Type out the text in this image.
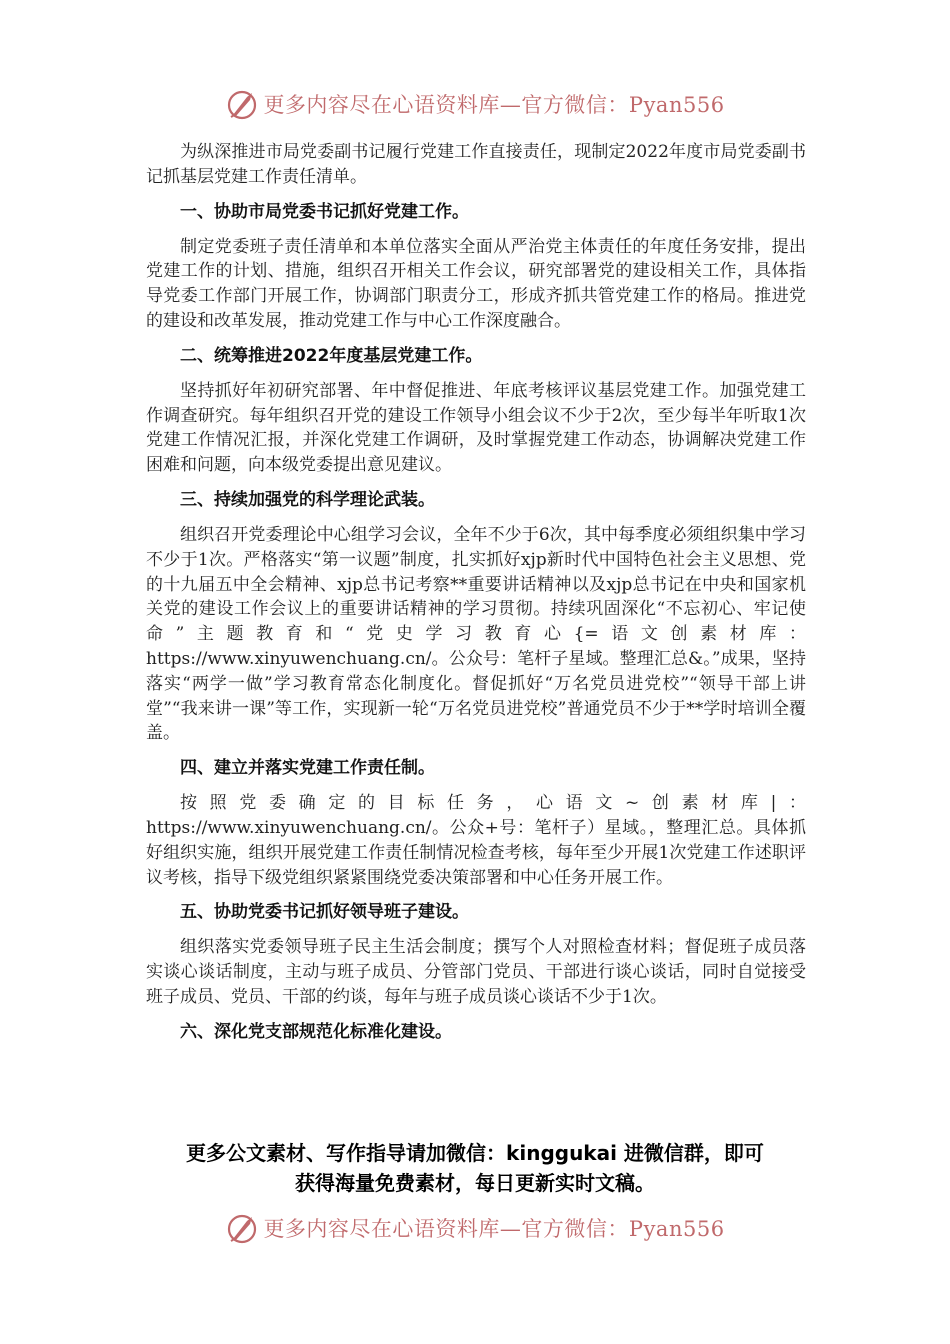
更多内容尽在心语资料库—官方微信：Pyan556

为纵深推进市局党委副书记履行党建工作直接责任，现制定2022年度市局党委副书记抓基层党建工作责任清单。

一、协助市局党委书记抓好党建工作。

制定党委班子责任清单和本单位落实全面从严治党主体责任的年度任务安排，提出党建工作的计划、措施，组织召开相关工作会议，研究部署党的建设相关工作，具体指导党委工作部门开展工作，协调部门职责分工，形成齐抓共管党建工作的格局。推进党的建设和改革发展，推动党建工作与中心工作深度融合。

二、统筹推进2022年度基层党建工作。

坚持抓好年初研究部署、年中督促推进、年底考核评议基层党建工作。加强党建工作调查研究。每年组织召开党的建设工作领导小组会议不少于2次，至少每半年听取1次党建工作情况汇报，并深化党建工作调研，及时掌握党建工作动态，协调解决党建工作困难和问题，向本级党委提出意见建议。

三、持续加强党的科学理论武装。

组织召开党委理论中心组学习会议，全年不少于6次，其中每季度必须组织集中学习不少于1次。严格落实“第一议题”制度，扎实抓好xjp新时代中国特色社会主义思想、党的十九届五中全会精神、xjp总书记考察**重要讲话精神以及xjp总书记在中央和国家机关党的建设工作会议上的重要讲话精神的学习贯彻。持续巩固深化“不忘初心、牢记使命”主题教育和“党史学习教育心{=语文创素材库：https://www.xinyuwenchuang.cn/。公众号：笔杆子星域。整理汇总&。”成果，坚持落实“两学一做”学习教育常态化制度化。督促抓好“万名党员进党校”“领导干部上讲堂”“我来讲一课”等工作，实现新一轮“万名党员进党校”普通党员不少于**学时培训全覆盖。

四、建立并落实党建工作责任制。

按照党委确定的目标任务，心语文~创素材库|：https://www.xinyuwenchuang.cn/。公众+号：笔杆子）星域。，整理汇总。具体抓好组织实施，组织开展党建工作责任制情况检查考核，每年至少开展1次党建工作述职评议考核，指导下级党组织紧紧围绕党委决策部署和中心任务开展工作。

五、协助党委书记抓好领导班子建设。

组织落实党委领导班子民主生活会制度；撰写个人对照检查材料；督促班子成员落实谈心谈话制度，主动与班子成员、分管部门党员、干部进行谈心谈话，同时自觉接受班子成员、党员、干部的约谈，每年与班子成员谈心谈话不少于1次。

六、深化党支部规范化标准化建设。

更多公文素材、写作指导请加微信：kinggukai 进微信群，即可
获得海量免费素材，每日更新实时文稿。
更多内容尽在心语资料库—官方微信：Pyan556
